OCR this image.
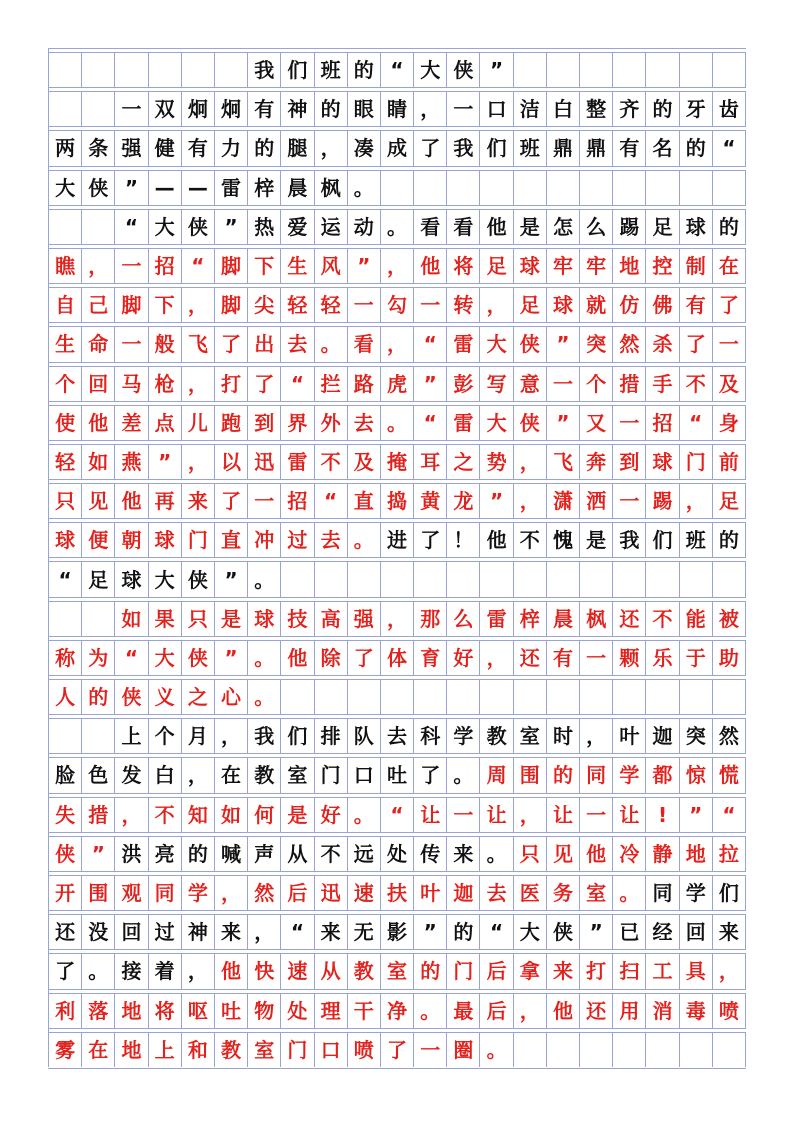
我 们 班 的 “ 大 侠 ”
一 双 炯 炯 有 神 的 眼 睛 ， 一 口 洁 白 整 齐 的 牙 齿
两 条 强 健 有 力 的 腿 ， 凑 成 了 我 们 班 鼎 鼎 有 名 的 “
大 侠 ” — — 雷 梓 晨 枫 。
“ 大 侠 ” 热 爱 运 动 。 看 看 他 是 怎 么 踢 足 球 的
瞧 ， 一 招 “ 脚 下 生 风 ” ， 他 将 足 球 牢 牢 地 控 制 在
自 己 脚 下 ， 脚 尖 轻 轻 一 勾 一 转 ， 足 球 就 仿 佛 有 了
生 命 一 般 飞 了 出 去 。 看 ， “ 雷 大 侠 ” 突 然 杀 了 一
个 回 马 枪 ， 打 了 “ 拦 路 虎 ” 彭 写 意 一 个 措 手 不 及
使 他 差 点 儿 跑 到 界 外 去 。 “ 雷 大 侠 ” 又 一 招 “ 身
轻 如 燕 ” ， 以 迅 雷 不 及 掩 耳 之 势 ， 飞 奔 到 球 门 前
只 见 他 再 来 了 一 招 “ 直 捣 黄 龙 ” ， 潇 洒 一 踢 ， 足
球 便 朝 球 门 直 冲 过 去 。 进 了 ！ 他 不 愧 是 我 们 班 的
“ 足 球 大 侠 ” 。
如 果 只 是 球 技 高 强 ， 那 么 雷 梓 晨 枫 还 不 能 被
称 为 “ 大 侠 ” 。 他 除 了 体 育 好 ， 还 有 一 颗 乐 于 助
人 的 侠 义 之 心 。
上 个 月 ， 我 们 排 队 去 科 学 教 室 时 ， 叶 迦 突 然
脸 色 发 白 ， 在 教 室 门 口 吐 了 。 周 围 的 同 学 都 惊 慌
失 措 ， 不 知 如 何 是 好 。 “ 让 一 让 ， 让 一 让 !	”	“
侠 ” 洪 亮 的 喊 声 从 不 远 处 传 来 。 只 见 他 冷 静 地 拉
开 围 观 同 学 ， 然 后 迅 速 扶 叶 迦 去 医 务 室 。 同 学 们
还 没 回 过 神 来 ， “ 来 无 影 ” 的 “ 大 侠 ” 已 经 回 来
了 。 接 着 ， 他 快 速 从 教 室 的 门 后 拿 来 打 扫 工 具 ，
利 落 地 将 呕 吐 物 处 理 干 净 。 最 后 ， 他 还 用 消 毒 喷
雾 在 地 上 和 教 室 门 口 喷 了 一 圈 。
